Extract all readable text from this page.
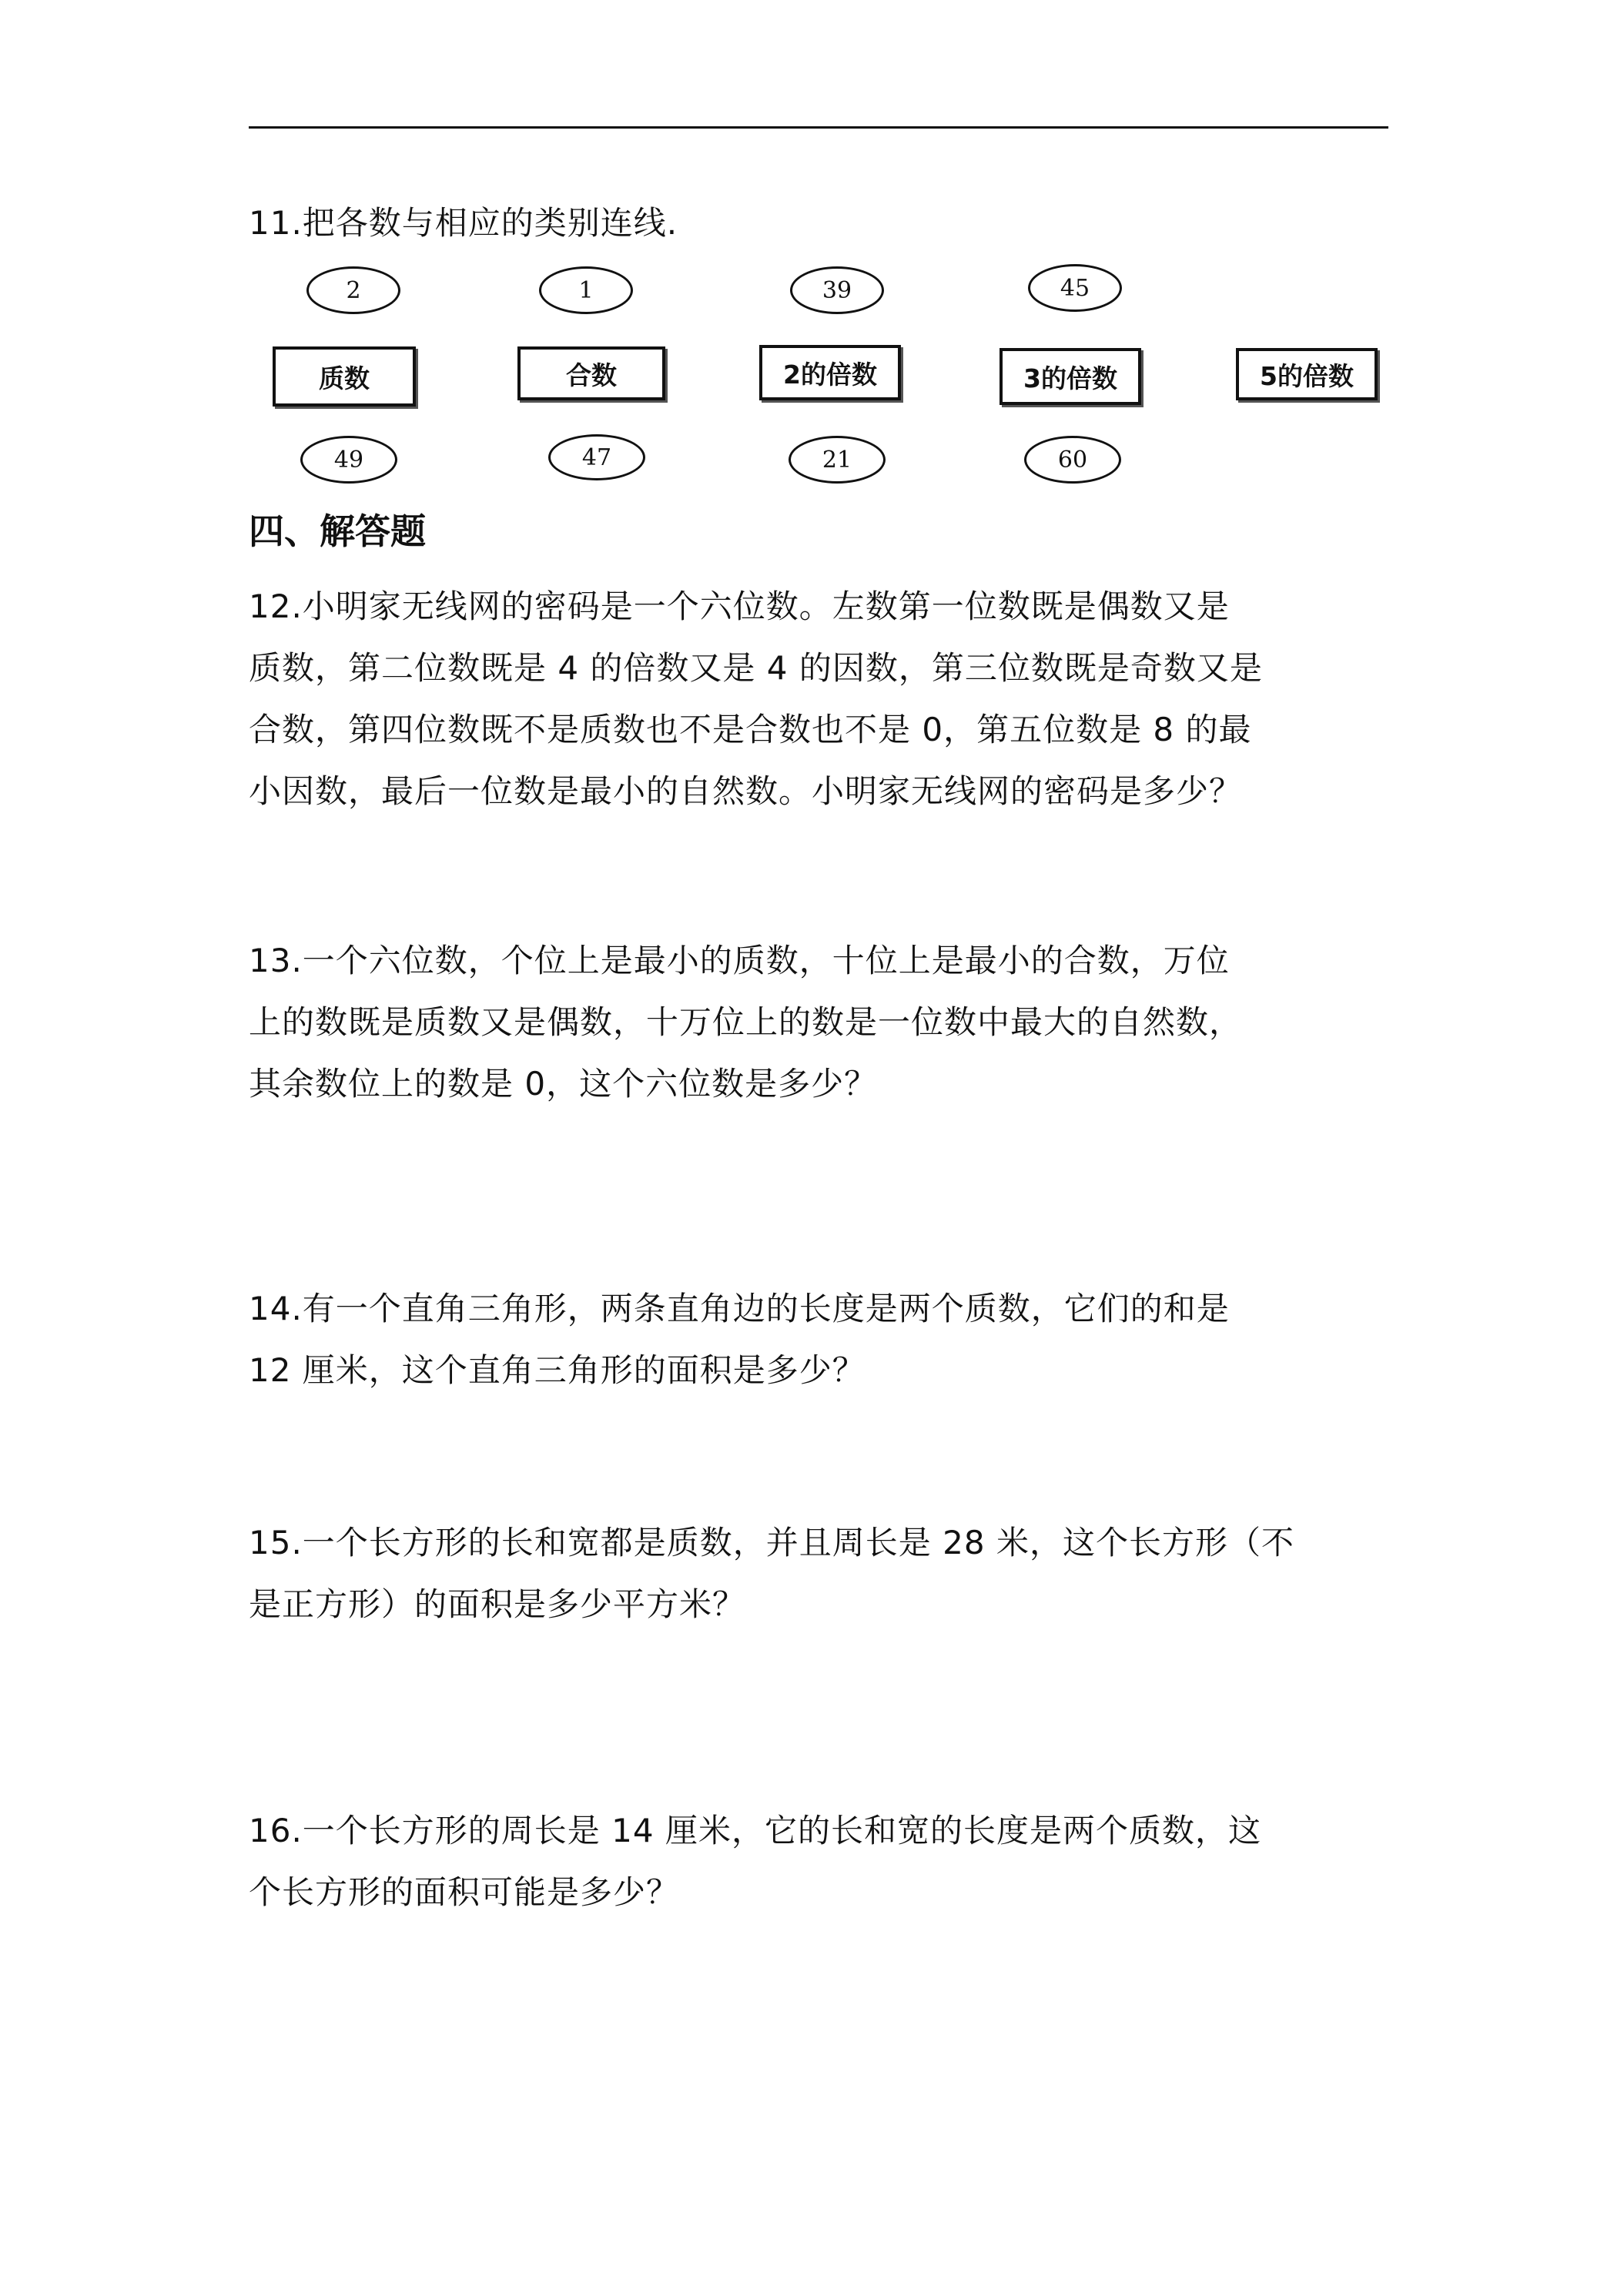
11.把各数与相应的类别连线.

2	1	39	45
质数	合数	2的倍数	3的倍数	5的倍数
49	47	21	60
四、解答题
12.小明家无线网的密码是一个六位数。左数第一位数既是偶数又是
质数，第二位数既是 4 的倍数又是 4 的因数，第三位数既是奇数又是
合数，第四位数既不是质数也不是合数也不是 0，第五位数是 8 的最
小因数，最后一位数是最小的自然数。小明家无线网的密码是多少？
13.一个六位数，个位上是最小的质数，十位上是最小的合数，万位
上的数既是质数又是偶数，十万位上的数是一位数中最大的自然数，
其余数位上的数是 0，这个六位数是多少？
14.有一个直角三角形，两条直角边的长度是两个质数，它们的和是
12 厘米，这个直角三角形的面积是多少？
15.一个长方形的长和宽都是质数，并且周长是 28 米，这个长方形（不
是正方形）的面积是多少平方米？
16.一个长方形的周长是 14 厘米，它的长和宽的长度是两个质数，这
个长方形的面积可能是多少？
